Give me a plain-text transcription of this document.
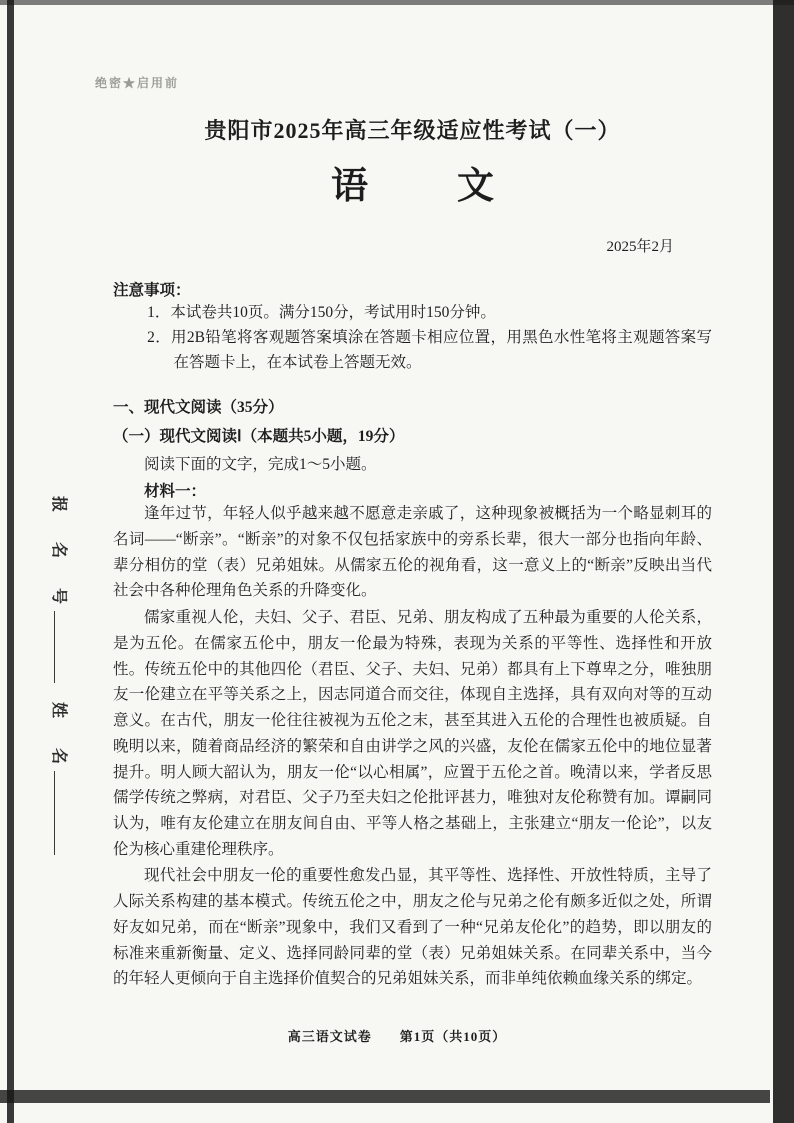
绝密★启用前
报　名　号
姓　名
贵阳市2025年高三年级适应性考试（一）
语　文
2025年2月
注意事项：
1．本试卷共10页。满分150分，考试用时150分钟。
2．用2B铅笔将客观题答案填涂在答题卡相应位置，用黑色水性笔将主观题答案写在答题卡上，在本试卷上答题无效。
一、现代文阅读（35分）
（一）现代文阅读Ⅰ（本题共5小题，19分）
阅读下面的文字，完成1～5小题。
材料一：

逢年过节，年轻人似乎越来越不愿意走亲戚了，这种现象被概括为一个略显刺耳的名词——“断亲”。“断亲”的对象不仅包括家族中的旁系长辈，很大一部分也指向年龄、辈分相仿的堂（表）兄弟姐妹。从儒家五伦的视角看，这一意义上的“断亲”反映出当代社会中各种伦理角色关系的升降变化。

儒家重视人伦，夫妇、父子、君臣、兄弟、朋友构成了五种最为重要的人伦关系，是为五伦。在儒家五伦中，朋友一伦最为特殊，表现为关系的平等性、选择性和开放性。传统五伦中的其他四伦（君臣、父子、夫妇、兄弟）都具有上下尊卑之分，唯独朋友一伦建立在平等关系之上，因志同道合而交往，体现自主选择，具有双向对等的互动意义。在古代，朋友一伦往往被视为五伦之末，甚至其进入五伦的合理性也被质疑。自晚明以来，随着商品经济的繁荣和自由讲学之风的兴盛，友伦在儒家五伦中的地位显著提升。明人顾大韶认为，朋友一伦“以心相属”，应置于五伦之首。晚清以来，学者反思儒学传统之弊病，对君臣、父子乃至夫妇之伦批评甚力，唯独对友伦称赞有加。谭嗣同认为，唯有友伦建立在朋友间自由、平等人格之基础上，主张建立“朋友一伦论”，以友伦为核心重建伦理秩序。

现代社会中朋友一伦的重要性愈发凸显，其平等性、选择性、开放性特质，主导了人际关系构建的基本模式。传统五伦之中，朋友之伦与兄弟之伦有颇多近似之处，所谓好友如兄弟，而在“断亲”现象中，我们又看到了一种“兄弟友伦化”的趋势，即以朋友的标准来重新衡量、定义、选择同龄同辈的堂（表）兄弟姐妹关系。在同辈关系中，当今的年轻人更倾向于自主选择价值契合的兄弟姐妹关系，而非单纯依赖血缘关系的绑定。

高三语文试卷　　第1页（共10页）
